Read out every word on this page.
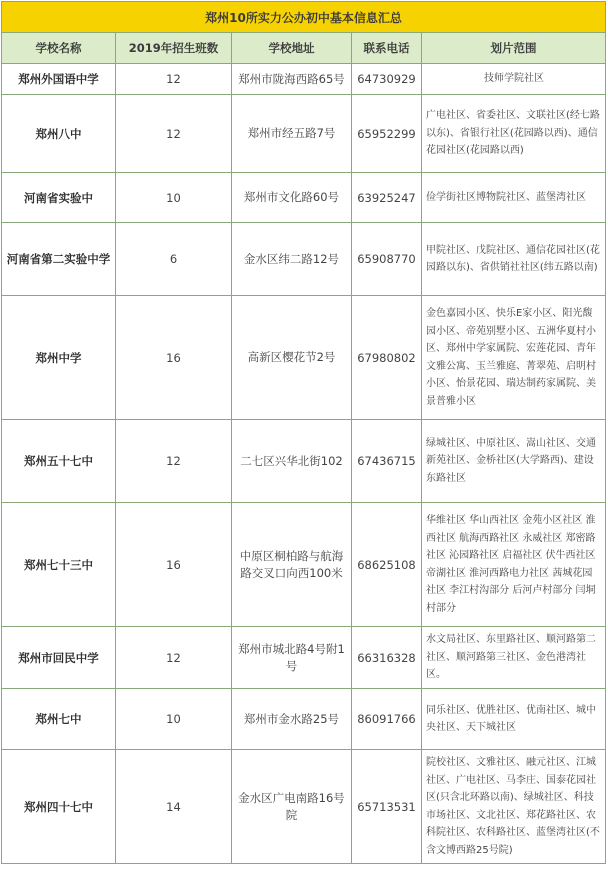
郑州10所实力公办初中基本信息汇总				
学校名称	2019年招生班数	学校地址	联系电话	划片范围
郑州外国语中学	12	郑州市陇海西路65号	64730929	技师学院社区
郑州八中	12	郑州市经五路7号	65952299	广电社区、省委社区、文联社区(经七路以东)、省银行社区(花园路以西)、通信花园社区(花园路以西)
河南省实验中	10	郑州市文化路60号	63925247	俭学街社区博物院社区、蓝堡湾社区
河南省第二实验中学	6	金水区纬二路12号	65908770	甲院社区、戊院社区、通信花园社区(花园路以东)、省供销社社区(纬五路以南)
郑州中学	16	高新区樱花节2号	67980802	金色嘉园小区、快乐E家小区、阳光馥园小区、帝苑别墅小区、五洲华夏村小区、郑州中学家属院、宏莲花园、青年文雅公寓、玉兰雅庭、菁翠苑、启明村小区、怡景花园、瑞达制药家属院、美景普雅小区
郑州五十七中	12	二七区兴华北街102	67436715	绿城社区、中原社区、嵩山社区、交通新苑社区、金桥社区(大学路西)、建设东路社区
郑州七十三中	16	中原区桐柏路与航海路交叉口向西100米	68625108	华维社区 华山西社区 金苑小区社区 淮西社区 航海西路社区 永威社区 郑密路社区 沁园路社区 启福社区 伏牛西社区 帝湖社区 淮河西路电力社区 茜城花园社区 李江村沟部分 后河卢村部分 闫垌村部分
郑州市回民中学	12	郑州市城北路4号附1号	66316328	水文局社区、东里路社区、顺河路第二社区、顺河路第三社区、金色港湾社区。
郑州七中	10	郑州市金水路25号	86091766	同乐社区、优胜社区、优南社区、城中央社区、天下城社区
郑州四十七中	14	金水区广电南路16号院	65713531	院校社区、文雅社区、融元社区、江城社区、广电社区、马李庄、国泰花园社区(只含北环路以南)、绿城社区、科技市场社区、文北社区、郑花路社区、农科院社区、农科路社区、蓝堡湾社区(不含文博西路25号院)
